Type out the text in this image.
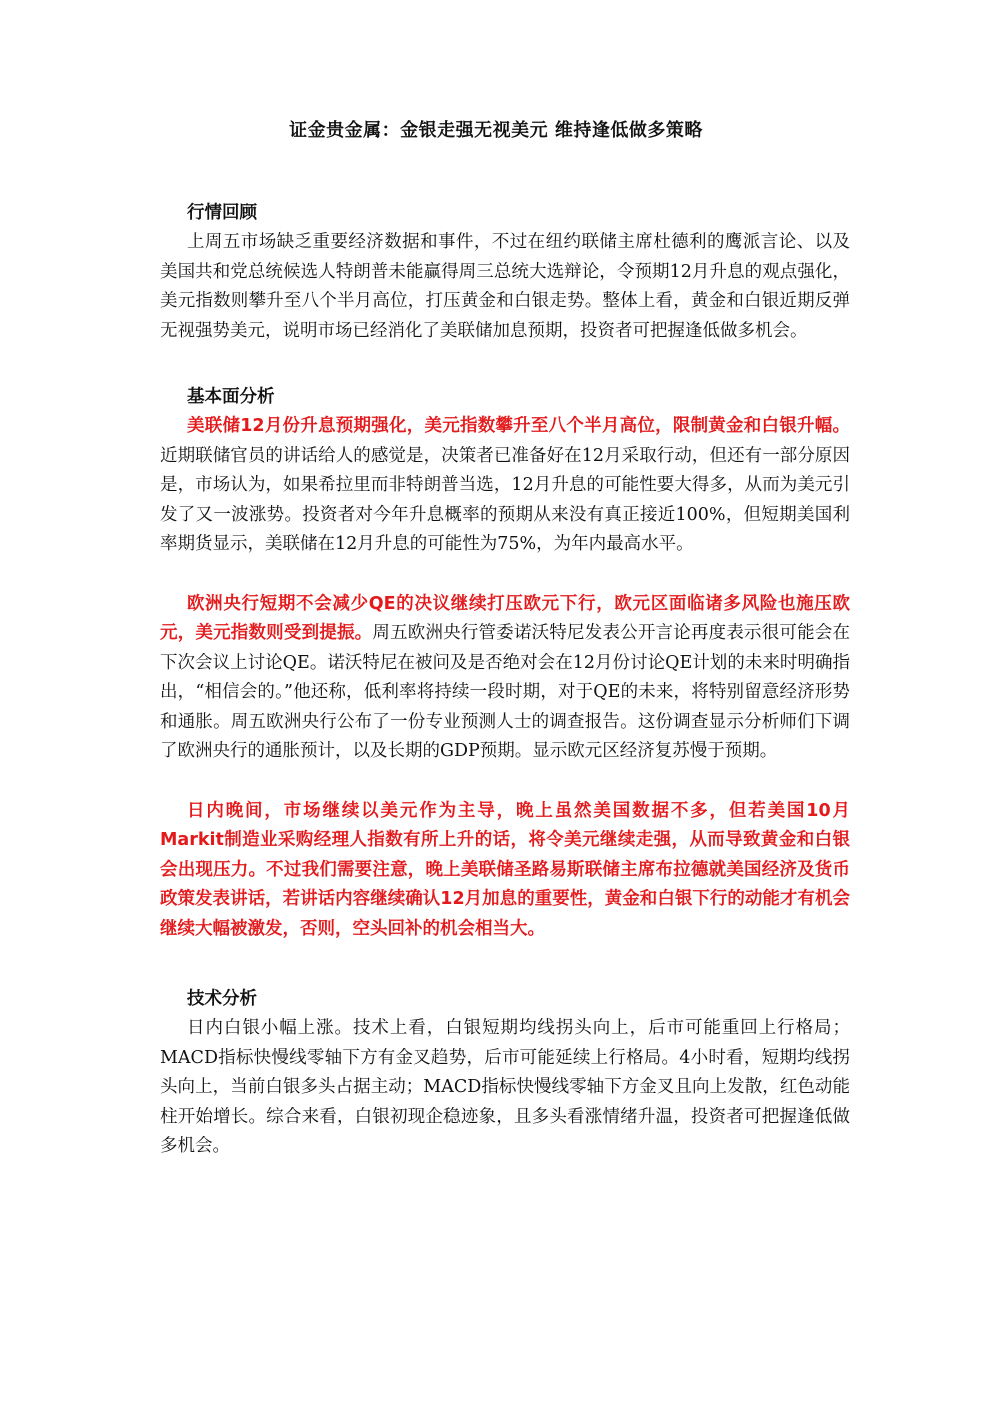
证金贵金属：金银走强无视美元 维持逢低做多策略
行情回顾

上周五市场缺乏重要经济数据和事件，不过在纽约联储主席杜德利的鹰派言论、以及美国共和党总统候选人特朗普未能赢得周三总统大选辩论，令预期12月升息的观点强化，美元指数则攀升至八个半月高位，打压黄金和白银走势。整体上看，黄金和白银近期反弹无视强势美元，说明市场已经消化了美联储加息预期，投资者可把握逢低做多机会。

基本面分析

美联储12月份升息预期强化，美元指数攀升至八个半月高位，限制黄金和白银升幅。近期联储官员的讲话给人的感觉是，决策者已准备好在12月采取行动，但还有一部分原因是，市场认为，如果希拉里而非特朗普当选，12月升息的可能性要大得多，从而为美元引发了又一波涨势。投资者对今年升息概率的预期从来没有真正接近100%，但短期美国利率期货显示，美联储在12月升息的可能性为75%，为年内最高水平。

欧洲央行短期不会减少QE的决议继续打压欧元下行，欧元区面临诸多风险也施压欧元，美元指数则受到提振。周五欧洲央行管委诺沃特尼发表公开言论再度表示很可能会在下次会议上讨论QE。诺沃特尼在被问及是否绝对会在12月份讨论QE计划的未来时明确指出，“相信会的。”他还称，低利率将持续一段时期，对于QE的未来，将特别留意经济形势和通胀。周五欧洲央行公布了一份专业预测人士的调查报告。这份调查显示分析师们下调了欧洲央行的通胀预计，以及长期的GDP预期。显示欧元区经济复苏慢于预期。

日内晚间，市场继续以美元作为主导，晚上虽然美国数据不多，但若美国10月Markit制造业采购经理人指数有所上升的话，将令美元继续走强，从而导致黄金和白银会出现压力。不过我们需要注意，晚上美联储圣路易斯联储主席布拉德就美国经济及货币政策发表讲话，若讲话内容继续确认12月加息的重要性，黄金和白银下行的动能才有机会继续大幅被激发，否则，空头回补的机会相当大。

技术分析

日内白银小幅上涨。技术上看，白银短期均线拐头向上，后市可能重回上行格局；MACD指标快慢线零轴下方有金叉趋势，后市可能延续上行格局。4小时看，短期均线拐头向上，当前白银多头占据主动；MACD指标快慢线零轴下方金叉且向上发散，红色动能柱开始增长。综合来看，白银初现企稳迹象，且多头看涨情绪升温，投资者可把握逢低做多机会。
